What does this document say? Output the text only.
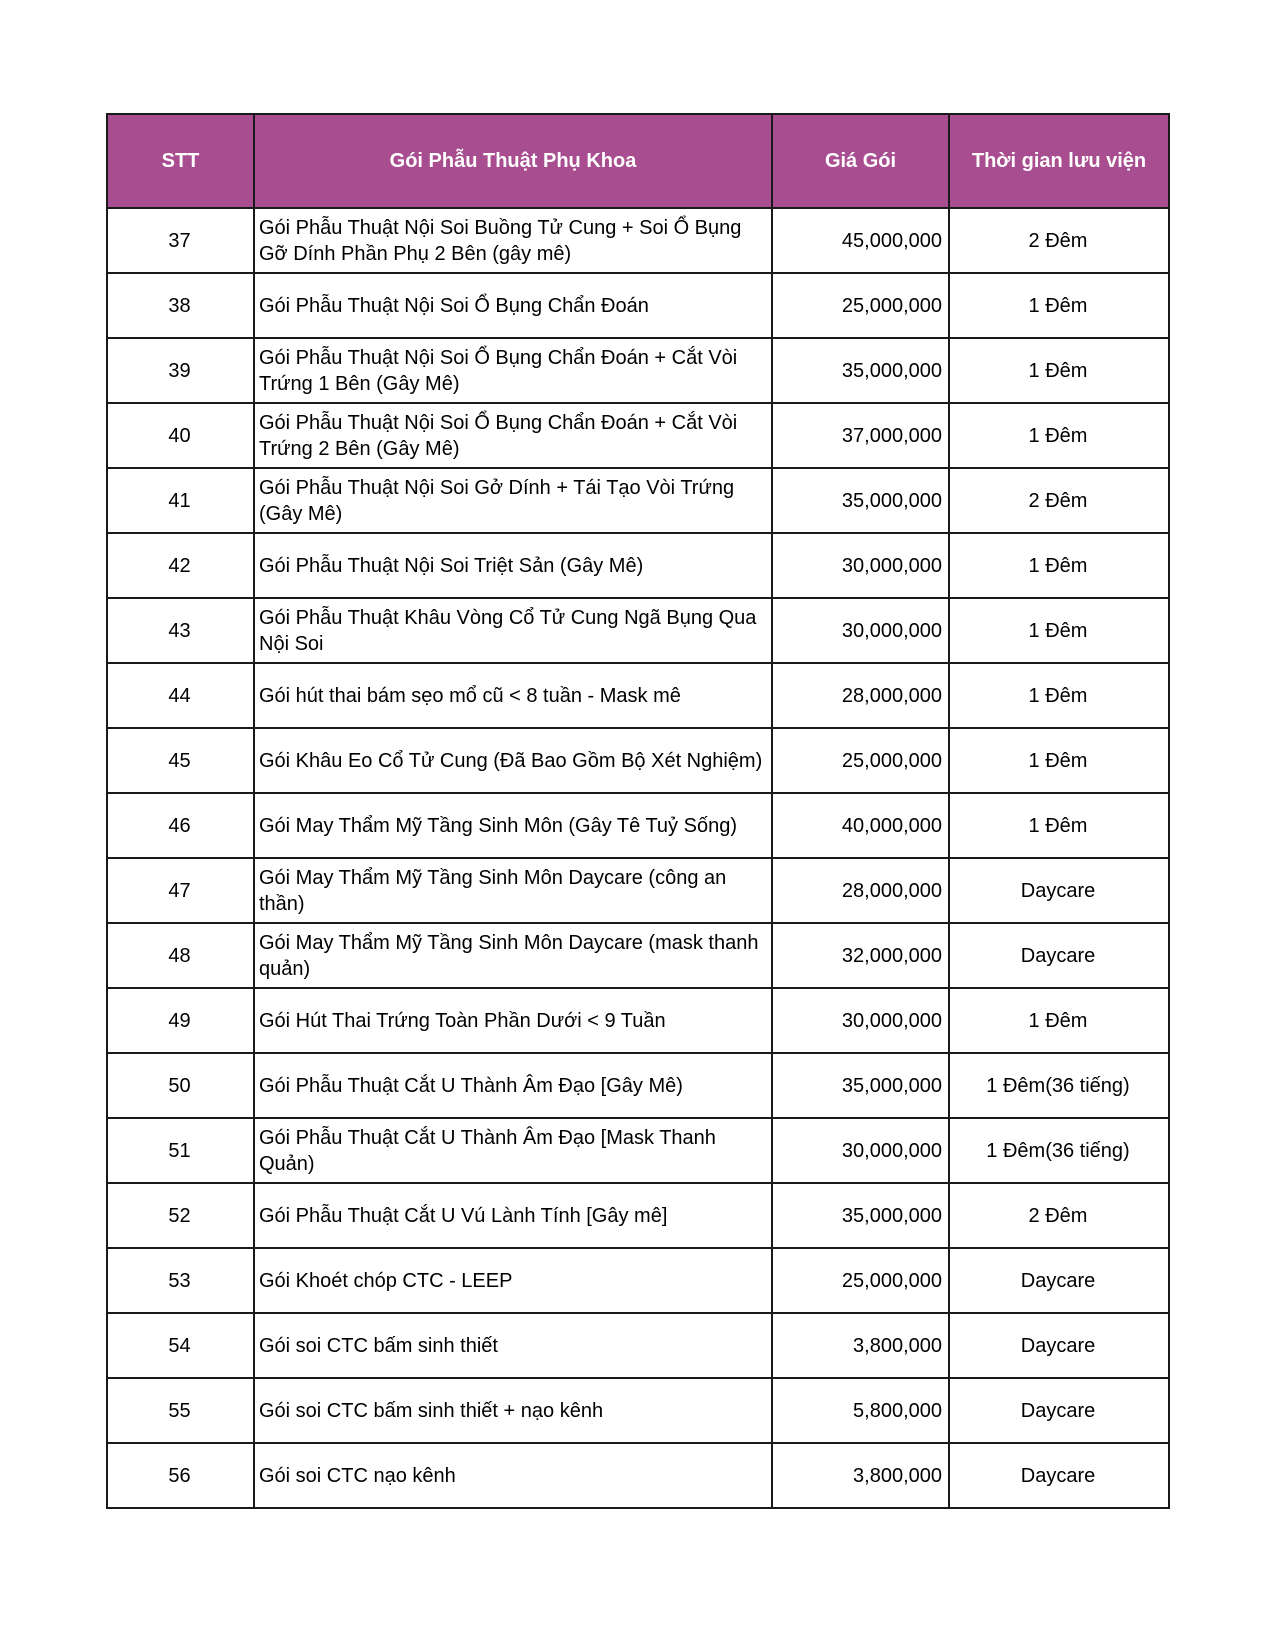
STT	Gói Phẫu Thuật Phụ Khoa	Giá Gói	Thời gian lưu viện
37	Gói Phẫu Thuật Nội Soi Buồng Tử Cung + Soi Ổ Bụng Gỡ Dính Phần Phụ 2 Bên (gây mê)	45,000,000	2 Đêm
38	Gói Phẫu Thuật Nội Soi Ổ Bụng Chẩn Đoán	25,000,000	1 Đêm
39	Gói Phẫu Thuật Nội Soi Ổ Bụng Chẩn Đoán + Cắt Vòi Trứng 1 Bên (Gây Mê)	35,000,000	1 Đêm
40	Gói Phẫu Thuật Nội Soi Ổ Bụng Chẩn Đoán + Cắt Vòi Trứng 2 Bên (Gây Mê)	37,000,000	1 Đêm
41	Gói Phẫu Thuật Nội Soi Gở Dính + Tái Tạo Vòi Trứng (Gây Mê)	35,000,000	2 Đêm
42	Gói Phẫu Thuật Nội Soi Triệt Sản (Gây Mê)	30,000,000	1 Đêm
43	Gói Phẫu Thuật Khâu Vòng Cổ Tử Cung Ngã Bụng Qua Nội Soi	30,000,000	1 Đêm
44	Gói hút thai bám sẹo mổ cũ < 8 tuần - Mask mê	28,000,000	1 Đêm
45	Gói Khâu Eo Cổ Tử Cung (Đã Bao Gồm Bộ Xét Nghiệm)	25,000,000	1 Đêm
46	Gói May Thẩm Mỹ Tầng Sinh Môn (Gây Tê Tuỷ Sống)	40,000,000	1 Đêm
47	Gói May Thẩm Mỹ Tầng Sinh Môn Daycare (công an thần)	28,000,000	Daycare
48	Gói May Thẩm Mỹ Tầng Sinh Môn Daycare (mask thanh quản)	32,000,000	Daycare
49	Gói Hút Thai Trứng Toàn Phần Dưới < 9 Tuần	30,000,000	1 Đêm
50	Gói Phẫu Thuật Cắt U Thành Âm Đạo [Gây Mê)	35,000,000	1 Đêm(36 tiếng)
51	Gói Phẫu Thuật Cắt U Thành Âm Đạo [Mask Thanh Quản)	30,000,000	1 Đêm(36 tiếng)
52	Gói Phẫu Thuật Cắt U Vú Lành Tính [Gây mê]	35,000,000	2 Đêm
53	Gói Khoét chóp CTC - LEEP	25,000,000	Daycare
54	Gói soi CTC bấm sinh thiết	3,800,000	Daycare
55	Gói soi CTC bấm sinh thiết + nạo kênh	5,800,000	Daycare
56	Gói soi CTC nạo kênh	3,800,000	Daycare
